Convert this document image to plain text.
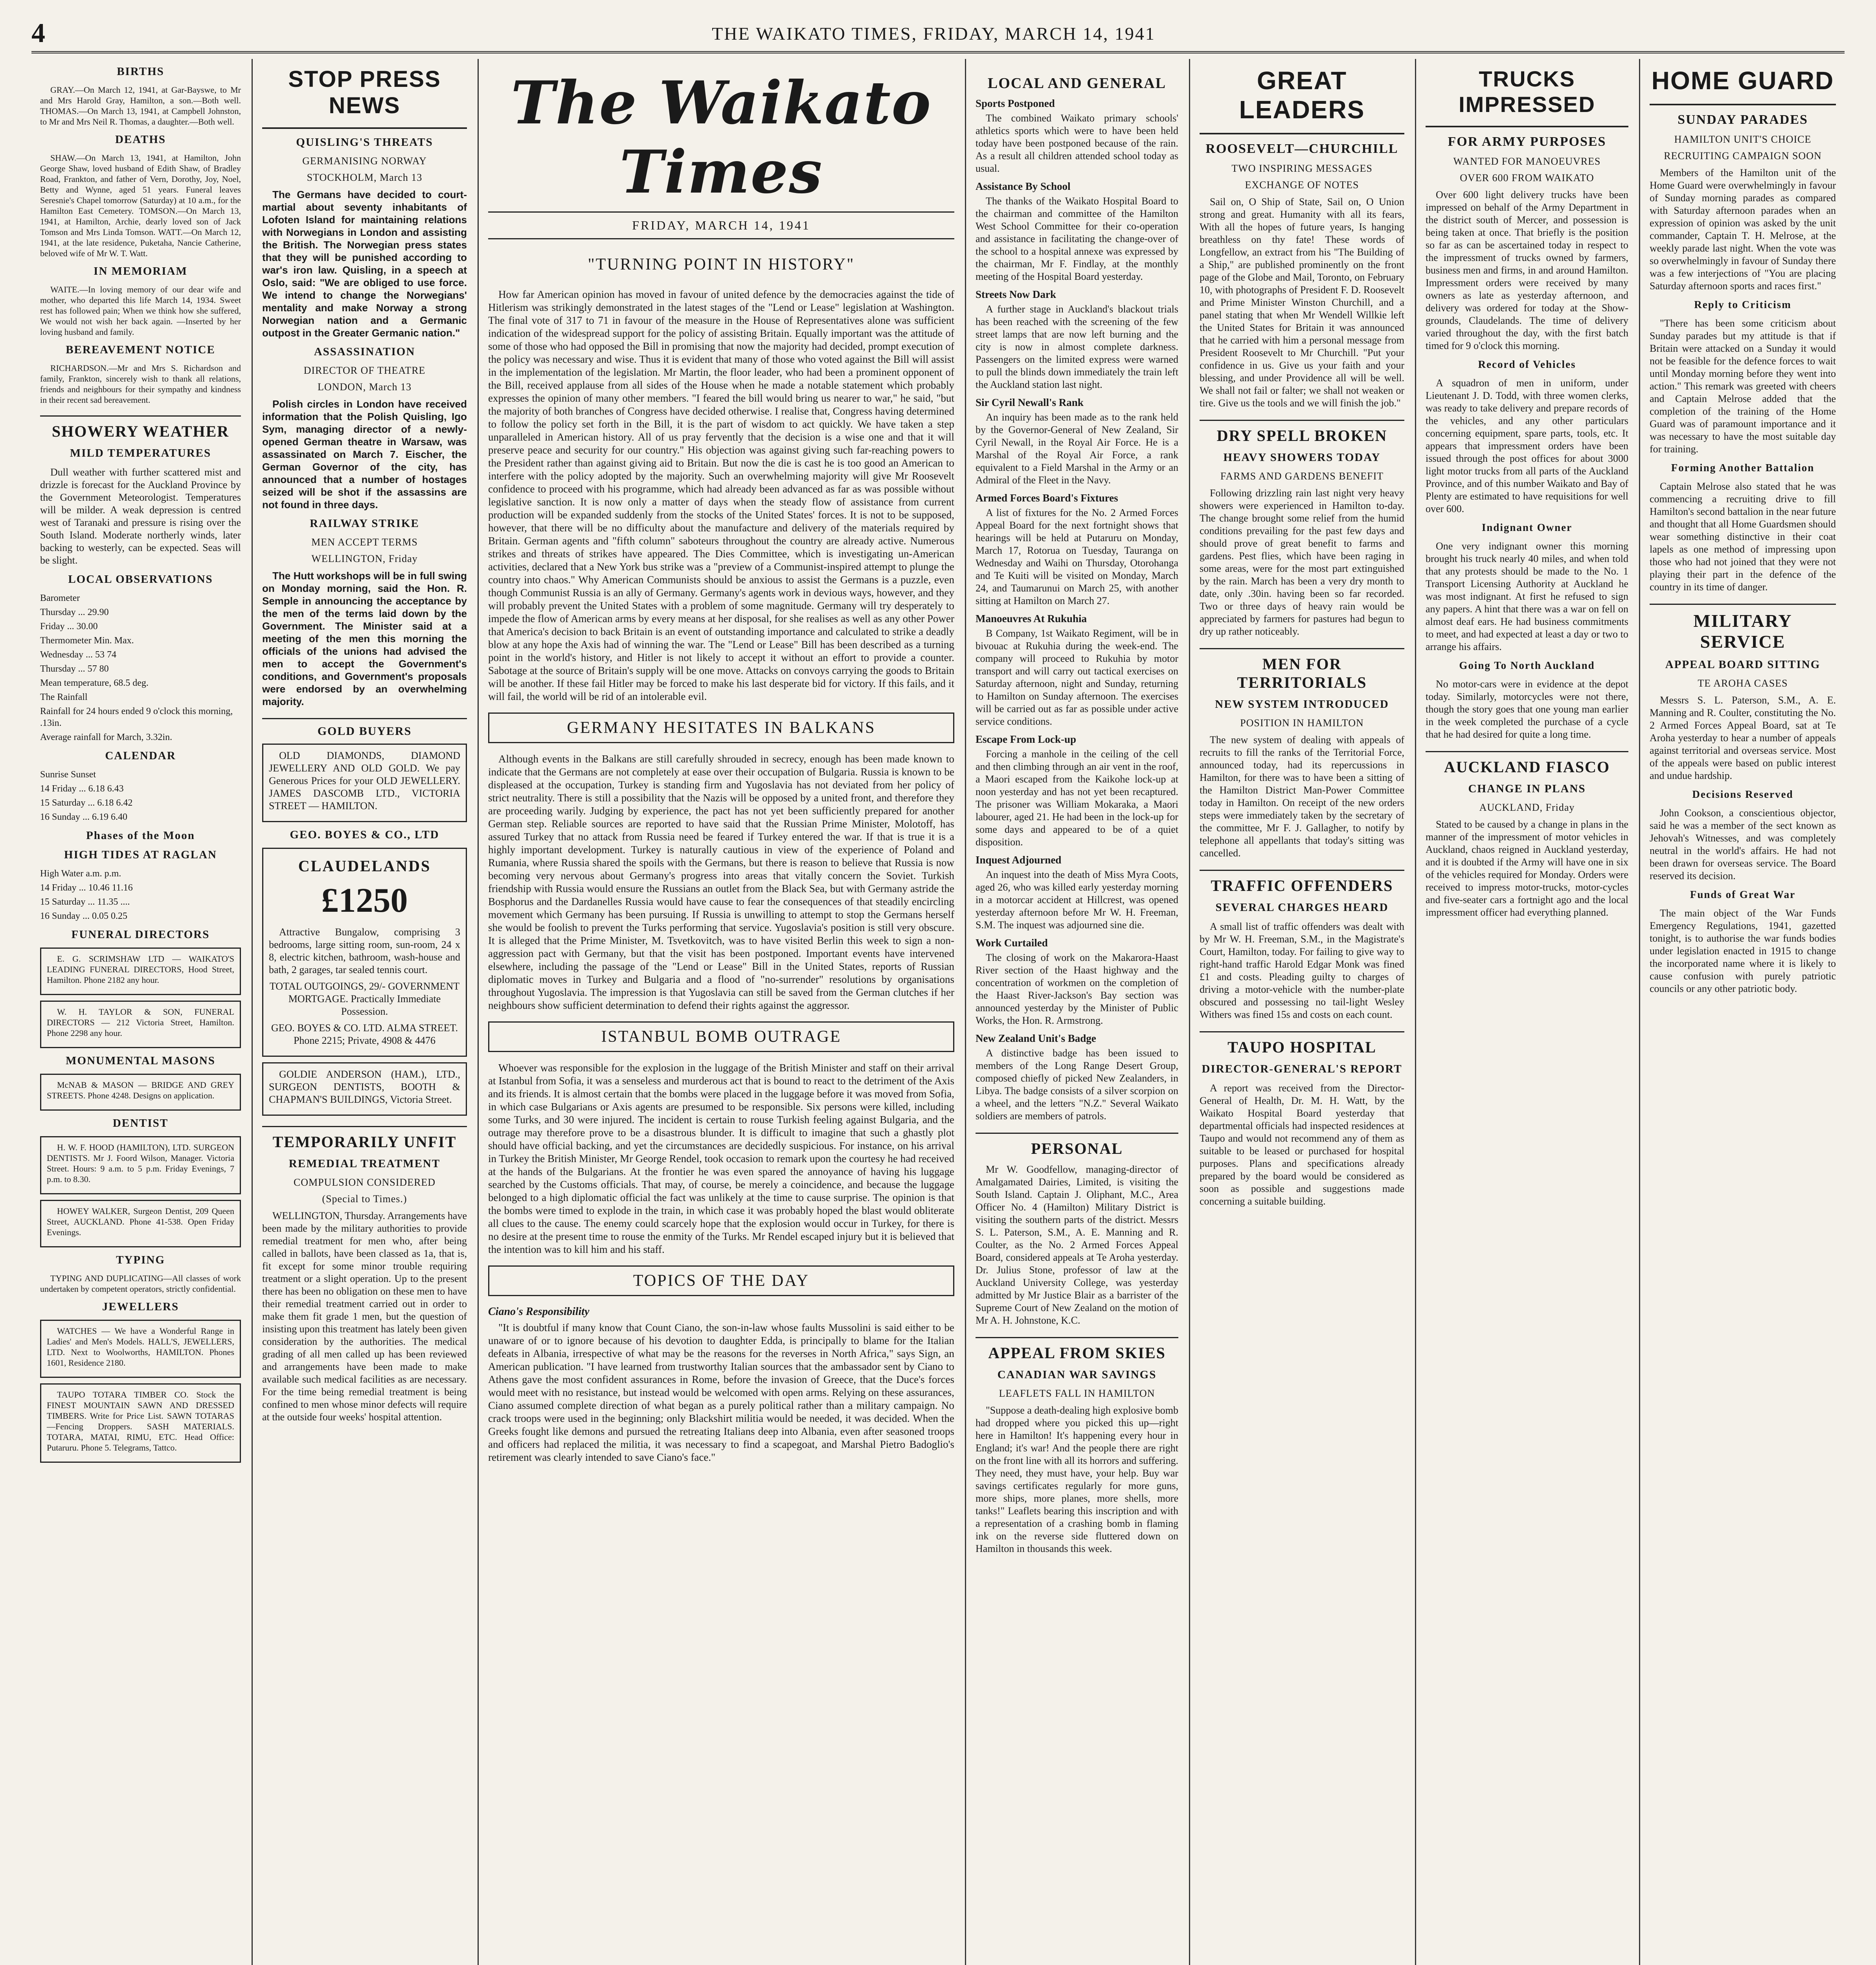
4	THE WAIKATO TIMES, FRIDAY, MARCH 14, 1941
BIRTHS

GRAY.—On March 12, 1941, at Gar-Bayswe, to Mr and Mrs Harold Gray, Hamilton, a son.—Both well. THOMAS.—On March 13, 1941, at Campbell Johnston, to Mr and Mrs Neil R. Thomas, a daughter.—Both well.

DEATHS

SHAW.—On March 13, 1941, at Hamilton, John George Shaw, loved husband of Edith Shaw, of Bradley Road, Frankton, and father of Vern, Dorothy, Joy, Noel, Betty and Wynne, aged 51 years. Funeral leaves Seresnie's Chapel tomorrow (Saturday) at 10 a.m., for the Hamilton East Cemetery. TOMSON.—On March 13, 1941, at Hamilton, Archie, dearly loved son of Jack Tomson and Mrs Linda Tomson. WATT.—On March 12, 1941, at the late residence, Puketaha, Nancie Catherine, beloved wife of Mr W. T. Watt.

IN MEMORIAM

WAITE.—In loving memory of our dear wife and mother, who departed this life March 14, 1934. Sweet rest has followed pain; When we think how she suffered, We would not wish her back again. —Inserted by her loving husband and family.

BEREAVEMENT NOTICE

RICHARDSON.—Mr and Mrs S. Richardson and family, Frankton, sincerely wish to thank all relations, friends and neighbours for their sympathy and kindness in their recent sad bereavement.

SHOWERY WEATHER
MILD TEMPERATURES

Dull weather with further scattered mist and drizzle is forecast for the Auckland Province by the Government Meteorologist. Temperatures will be milder. A weak depression is centred west of Taranaki and pressure is rising over the South Island. Moderate northerly winds, later backing to westerly, can be expected. Seas will be slight.

LOCAL OBSERVATIONS
Barometer
Thursday ... 29.90
Friday ... 30.00
Thermometer Min. Max.
Wednesday ... 53 74
Thursday ... 57 80
Mean temperature, 68.5 deg.
The Rainfall
Rainfall for 24 hours ended 9 o'clock this morning, .13in.
Average rainfall for March, 3.32in.
CALENDAR
Sunrise Sunset
14 Friday ... 6.18 6.43
15 Saturday ... 6.18 6.42
16 Sunday ... 6.19 6.40
Phases of the Moon
HIGH TIDES AT RAGLAN
High Water a.m. p.m.
14 Friday ... 10.46 11.16
15 Saturday ... 11.35 ....
16 Sunday ... 0.05 0.25
FUNERAL DIRECTORS

E. G. SCRIMSHAW LTD — WAIKATO'S LEADING FUNERAL DIRECTORS, Hood Street, Hamilton. Phone 2182 any hour.

W. H. TAYLOR & SON, FUNERAL DIRECTORS — 212 Victoria Street, Hamilton. Phone 2298 any hour.

MONUMENTAL MASONS

McNAB & MASON — BRIDGE AND GREY STREETS. Phone 4248. Designs on application.

DENTIST

H. W. F. HOOD (HAMILTON), LTD. SURGEON DENTISTS. Mr J. Foord Wilson, Manager. Victoria Street. Hours: 9 a.m. to 5 p.m. Friday Evenings, 7 p.m. to 8.30.

HOWEY WALKER, Surgeon Dentist, 209 Queen Street, AUCKLAND. Phone 41-538. Open Friday Evenings.

TYPING

TYPING AND DUPLICATING—All classes of work undertaken by competent operators, strictly confidential.

JEWELLERS

WATCHES — We have a Wonderful Range in Ladies' and Men's Models. HALL'S, JEWELLERS, LTD. Next to Woolworths, HAMILTON. Phones 1601, Residence 2180.

TAUPO TOTARA TIMBER CO. Stock the FINEST MOUNTAIN SAWN AND DRESSED TIMBERS. Write for Price List. SAWN TOTARAS—Fencing Droppers. SASH MATERIALS. TOTARA, MATAI, RIMU, ETC. Head Office: Putaruru. Phone 5. Telegrams, Tattco.

STOP PRESS NEWS
QUISLING'S THREATS
GERMANISING NORWAY
STOCKHOLM, March 13

The Germans have decided to court-martial about seventy inhabitants of Lofoten Island for maintaining relations with Norwegians in London and assisting the British. The Norwegian press states that they will be punished according to war's iron law. Quisling, in a speech at Oslo, said: "We are obliged to use force. We intend to change the Norwegians' mentality and make Norway a strong Norwegian nation and a Germanic outpost in the Greater Germanic nation."

ASSASSINATION
DIRECTOR OF THEATRE
LONDON, March 13

Polish circles in London have received information that the Polish Quisling, Igo Sym, managing director of a newly-opened German theatre in Warsaw, was assassinated on March 7. Eischer, the German Governor of the city, has announced that a number of hostages seized will be shot if the assassins are not found in three days.

RAILWAY STRIKE
MEN ACCEPT TERMS
WELLINGTON, Friday

The Hutt workshops will be in full swing on Monday morning, said the Hon. R. Semple in announcing the acceptance by the men of the terms laid down by the Government. The Minister said at a meeting of the men this morning the officials of the unions had advised the men to accept the Government's conditions, and Government's proposals were endorsed by an overwhelming majority.

GOLD BUYERS

OLD DIAMONDS, DIAMOND JEWELLERY AND OLD GOLD. We pay Generous Prices for your OLD JEWELLERY. JAMES DASCOMB LTD., VICTORIA STREET — HAMILTON.

GEO. BOYES & CO., LTD
CLAUDELANDS
£1250

Attractive Bungalow, comprising 3 bedrooms, large sitting room, sun-room, 24 x 8, electric kitchen, bathroom, wash-house and bath, 2 garages, tar sealed tennis court.

TOTAL OUTGOINGS, 29/- GOVERNMENT MORTGAGE. Practically Immediate Possession.

GEO. BOYES & CO. LTD. ALMA STREET. Phone 2215; Private, 4908 & 4476

GOLDIE ANDERSON (HAM.), LTD., SURGEON DENTISTS, BOOTH & CHAPMAN'S BUILDINGS, Victoria Street.

TEMPORARILY UNFIT
REMEDIAL TREATMENT
COMPULSION CONSIDERED
(Special to Times.)

WELLINGTON, Thursday. Arrangements have been made by the military authorities to provide remedial treatment for men who, after being called in ballots, have been classed as 1a, that is, fit except for some minor trouble requiring treatment or a slight operation. Up to the present there has been no obligation on these men to have their remedial treatment carried out in order to make them fit grade 1 men, but the question of insisting upon this treatment has lately been given consideration by the authorities. The medical grading of all men called up has been reviewed and arrangements have been made to make available such medical facilities as are necessary. For the time being remedial treatment is being confined to men whose minor defects will require at the outside four weeks' hospital attention.

The Waikato Times
FRIDAY, MARCH 14, 1941
"TURNING POINT IN HISTORY"

How far American opinion has moved in favour of united defence by the democracies against the tide of Hitlerism was strikingly demonstrated in the latest stages of the "Lend or Lease" legislation at Washington. The final vote of 317 to 71 in favour of the measure in the House of Representatives alone was sufficient indication of the widespread support for the policy of assisting Britain. Equally important was the attitude of some of those who had opposed the Bill in promising that now the majority had decided, prompt execution of the policy was necessary and wise. Thus it is evident that many of those who voted against the Bill will assist in the implementation of the legislation. Mr Martin, the floor leader, who had been a prominent opponent of the Bill, received applause from all sides of the House when he made a notable statement which probably expresses the opinion of many other members. "I feared the bill would bring us nearer to war," he said, "but the majority of both branches of Congress have decided otherwise. I realise that, Congress having determined to follow the policy set forth in the Bill, it is the part of wisdom to act quickly. We have taken a step unparalleled in American history. All of us pray fervently that the decision is a wise one and that it will preserve peace and security for our country." His objection was against giving such far-reaching powers to the President rather than against giving aid to Britain. But now the die is cast he is too good an American to interfere with the policy adopted by the majority. Such an overwhelming majority will give Mr Roosevelt confidence to proceed with his programme, which had already been advanced as far as was possible without legislative sanction. It is now only a matter of days when the steady flow of assistance from current production will be expanded suddenly from the stocks of the United States' forces. It is not to be supposed, however, that there will be no difficulty about the manufacture and delivery of the materials required by Britain. German agents and "fifth column" saboteurs throughout the country are already active. Numerous strikes and threats of strikes have appeared. The Dies Committee, which is investigating un-American activities, declared that a New York bus strike was a "preview of a Communist-inspired attempt to plunge the country into chaos." Why American Communists should be anxious to assist the Germans is a puzzle, even though Communist Russia is an ally of Germany. Germany's agents work in devious ways, however, and they will probably prevent the United States with a problem of some magnitude. Germany will try desperately to impede the flow of American arms by every means at her disposal, for she realises as well as any other Power that America's decision to back Britain is an event of outstanding importance and calculated to strike a deadly blow at any hope the Axis had of winning the war. The "Lend or Lease" Bill has been described as a turning point in the world's history, and Hitler is not likely to accept it without an effort to provide a counter. Sabotage at the source of Britain's supply will be one move. Attacks on convoys carrying the goods to Britain will be another. If these fail Hitler may be forced to make his last desperate bid for victory. If this fails, and it will fail, the world will be rid of an intolerable evil.

GERMANY HESITATES IN BALKANS

Although events in the Balkans are still carefully shrouded in secrecy, enough has been made known to indicate that the Germans are not completely at ease over their occupation of Bulgaria. Russia is known to be displeased at the occupation, Turkey is standing firm and Yugoslavia has not deviated from her policy of strict neutrality. There is still a possibility that the Nazis will be opposed by a united front, and therefore they are proceeding warily. Judging by experience, the pact has not yet been sufficiently prepared for another German step. Reliable sources are reported to have said that the Russian Prime Minister, Molotoff, has assured Turkey that no attack from Russia need be feared if Turkey entered the war. If that is true it is a highly important development. Turkey is naturally cautious in view of the experience of Poland and Rumania, where Russia shared the spoils with the Germans, but there is reason to believe that Russia is now becoming very nervous about Germany's progress into areas that vitally concern the Soviet. Turkish friendship with Russia would ensure the Russians an outlet from the Black Sea, but with Germany astride the Bosphorus and the Dardanelles Russia would have cause to fear the consequences of that steadily encircling movement which Germany has been pursuing. If Russia is unwilling to attempt to stop the Germans herself she would be foolish to prevent the Turks performing that service. Yugoslavia's position is still very obscure. It is alleged that the Prime Minister, M. Tsvetkovitch, was to have visited Berlin this week to sign a non-aggression pact with Germany, but that the visit has been postponed. Important events have intervened elsewhere, including the passage of the "Lend or Lease" Bill in the United States, reports of Russian diplomatic moves in Turkey and Bulgaria and a flood of "no-surrender" resolutions by organisations throughout Yugoslavia. The impression is that Yugoslavia can still be saved from the German clutches if her neighbours show sufficient determination to defend their rights against the aggressor.

ISTANBUL BOMB OUTRAGE

Whoever was responsible for the explosion in the luggage of the British Minister and staff on their arrival at Istanbul from Sofia, it was a senseless and murderous act that is bound to react to the detriment of the Axis and its friends. It is almost certain that the bombs were placed in the luggage before it was moved from Sofia, in which case Bulgarians or Axis agents are presumed to be responsible. Six persons were killed, including some Turks, and 30 were injured. The incident is certain to rouse Turkish feeling against Bulgaria, and the outrage may therefore prove to be a disastrous blunder. It is difficult to imagine that such a ghastly plot should have official backing, and yet the circumstances are decidedly suspicious. For instance, on his arrival in Turkey the British Minister, Mr George Rendel, took occasion to remark upon the courtesy he had received at the hands of the Bulgarians. At the frontier he was even spared the annoyance of having his luggage searched by the Customs officials. That may, of course, be merely a coincidence, and because the luggage belonged to a high diplomatic official the fact was unlikely at the time to cause surprise. The opinion is that the bombs were timed to explode in the train, in which case it was probably hoped the blast would obliterate all clues to the cause. The enemy could scarcely hope that the explosion would occur in Turkey, for there is no desire at the present time to rouse the enmity of the Turks. Mr Rendel escaped injury but it is believed that the intention was to kill him and his staff.

TOPICS OF THE DAY
Ciano's Responsibility

"It is doubtful if many know that Count Ciano, the son-in-law whose faults Mussolini is said either to be unaware of or to ignore because of his devotion to daughter Edda, is principally to blame for the Italian defeats in Albania, irrespective of what may be the reasons for the reverses in North Africa," says Sign, an American publication. "I have learned from trustworthy Italian sources that the ambassador sent by Ciano to Athens gave the most confident assurances in Rome, before the invasion of Greece, that the Duce's forces would meet with no resistance, but instead would be welcomed with open arms. Relying on these assurances, Ciano assumed complete direction of what began as a purely political rather than a military campaign. No crack troops were used in the beginning; only Blackshirt militia would be needed, it was decided. When the Greeks fought like demons and pursued the retreating Italians deep into Albania, even after seasoned troops and officers had replaced the militia, it was necessary to find a scapegoat, and Marshal Pietro Badoglio's retirement was clearly intended to save Ciano's face."

LOCAL AND GENERAL
Sports Postponed

The combined Waikato primary schools' athletics sports which were to have been held today have been postponed because of the rain. As a result all children attended school today as usual.

Assistance By School

The thanks of the Waikato Hospital Board to the chairman and committee of the Hamilton West School Committee for their co-operation and assistance in facilitating the change-over of the school to a hospital annexe was expressed by the chairman, Mr F. Findlay, at the monthly meeting of the Hospital Board yesterday.

Streets Now Dark

A further stage in Auckland's blackout trials has been reached with the screening of the few street lamps that are now left burning and the city is now in almost complete darkness. Passengers on the limited express were warned to pull the blinds down immediately the train left the Auckland station last night.

Sir Cyril Newall's Rank

An inquiry has been made as to the rank held by the Governor-General of New Zealand, Sir Cyril Newall, in the Royal Air Force. He is a Marshal of the Royal Air Force, a rank equivalent to a Field Marshal in the Army or an Admiral of the Fleet in the Navy.

Armed Forces Board's Fixtures

A list of fixtures for the No. 2 Armed Forces Appeal Board for the next fortnight shows that hearings will be held at Putaruru on Monday, March 17, Rotorua on Tuesday, Tauranga on Wednesday and Waihi on Thursday, Otorohanga and Te Kuiti will be visited on Monday, March 24, and Taumarunui on March 25, with another sitting at Hamilton on March 27.

Manoeuvres At Rukuhia

B Company, 1st Waikato Regiment, will be in bivouac at Rukuhia during the week-end. The company will proceed to Rukuhia by motor transport and will carry out tactical exercises on Saturday afternoon, night and Sunday, returning to Hamilton on Sunday afternoon. The exercises will be carried out as far as possible under active service conditions.

Escape From Lock-up

Forcing a manhole in the ceiling of the cell and then climbing through an air vent in the roof, a Maori escaped from the Kaikohe lock-up at noon yesterday and has not yet been recaptured. The prisoner was William Mokaraka, a Maori labourer, aged 21. He had been in the lock-up for some days and appeared to be of a quiet disposition.

Inquest Adjourned

An inquest into the death of Miss Myra Coots, aged 26, who was killed early yesterday morning in a motorcar accident at Hillcrest, was opened yesterday afternoon before Mr W. H. Freeman, S.M. The inquest was adjourned sine die.

Work Curtailed

The closing of work on the Makarora-Haast River section of the Haast highway and the concentration of workmen on the completion of the Haast River-Jackson's Bay section was announced yesterday by the Minister of Public Works, the Hon. R. Armstrong.

New Zealand Unit's Badge

A distinctive badge has been issued to members of the Long Range Desert Group, composed chiefly of picked New Zealanders, in Libya. The badge consists of a silver scorpion on a wheel, and the letters "N.Z." Several Waikato soldiers are members of patrols.

PERSONAL

Mr W. Goodfellow, managing-director of Amalgamated Dairies, Limited, is visiting the South Island. Captain J. Oliphant, M.C., Area Officer No. 4 (Hamilton) Military District is visiting the southern parts of the district. Messrs S. L. Paterson, S.M., A. E. Manning and R. Coulter, as the No. 2 Armed Forces Appeal Board, considered appeals at Te Aroha yesterday. Dr. Julius Stone, professor of law at the Auckland University College, was yesterday admitted by Mr Justice Blair as a barrister of the Supreme Court of New Zealand on the motion of Mr A. H. Johnstone, K.C.

APPEAL FROM SKIES
CANADIAN WAR SAVINGS
LEAFLETS FALL IN HAMILTON

"Suppose a death-dealing high explosive bomb had dropped where you picked this up—right here in Hamilton! It's happening every hour in England; it's war! And the people there are right on the front line with all its horrors and suffering. They need, they must have, your help. Buy war savings certificates regularly for more guns, more ships, more planes, more shells, more tanks!" Leaflets bearing this inscription and with a representation of a crashing bomb in flaming ink on the reverse side fluttered down on Hamilton in thousands this week.

GREAT LEADERS
ROOSEVELT—CHURCHILL
TWO INSPIRING MESSAGES
EXCHANGE OF NOTES

Sail on, O Ship of State, Sail on, O Union strong and great. Humanity with all its fears, With all the hopes of future years, Is hanging breathless on thy fate! These words of Longfellow, an extract from his "The Building of a Ship," are published prominently on the front page of the Globe and Mail, Toronto, on February 10, with photographs of President F. D. Roosevelt and Prime Minister Winston Churchill, and a panel stating that when Mr Wendell Willkie left the United States for Britain it was announced that he carried with him a personal message from President Roosevelt to Mr Churchill. "Put your confidence in us. Give us your faith and your blessing, and under Providence all will be well. We shall not fail or falter; we shall not weaken or tire. Give us the tools and we will finish the job."

DRY SPELL BROKEN
HEAVY SHOWERS TODAY
FARMS AND GARDENS BENEFIT

Following drizzling rain last night very heavy showers were experienced in Hamilton to-day. The change brought some relief from the humid conditions prevailing for the past few days and should prove of great benefit to farms and gardens. Pest flies, which have been raging in some areas, were for the most part extinguished by the rain. March has been a very dry month to date, only .30in. having been so far recorded. Two or three days of heavy rain would be appreciated by farmers for pastures had begun to dry up rather noticeably.

MEN FOR TERRITORIALS
NEW SYSTEM INTRODUCED
POSITION IN HAMILTON

The new system of dealing with appeals of recruits to fill the ranks of the Territorial Force, announced today, had its repercussions in Hamilton, for there was to have been a sitting of the Hamilton District Man-Power Committee today in Hamilton. On receipt of the new orders steps were immediately taken by the secretary of the committee, Mr F. J. Gallagher, to notify by telephone all appellants that today's sitting was cancelled.

TRAFFIC OFFENDERS
SEVERAL CHARGES HEARD

A small list of traffic offenders was dealt with by Mr W. H. Freeman, S.M., in the Magistrate's Court, Hamilton, today. For failing to give way to right-hand traffic Harold Edgar Monk was fined £1 and costs. Pleading guilty to charges of driving a motor-vehicle with the number-plate obscured and possessing no tail-light Wesley Withers was fined 15s and costs on each count.

TAUPO HOSPITAL
DIRECTOR-GENERAL'S REPORT

A report was received from the Director-General of Health, Dr. M. H. Watt, by the Waikato Hospital Board yesterday that departmental officials had inspected residences at Taupo and would not recommend any of them as suitable to be leased or purchased for hospital purposes. Plans and specifications already prepared by the board would be considered as soon as possible and suggestions made concerning a suitable building.

TRUCKS IMPRESSED
FOR ARMY PURPOSES
WANTED FOR MANOEUVRES
OVER 600 FROM WAIKATO

Over 600 light delivery trucks have been impressed on behalf of the Army Department in the district south of Mercer, and possession is being taken at once. That briefly is the position so far as can be ascertained today in respect to the impressment of trucks owned by farmers, business men and firms, in and around Hamilton. Impressment orders were received by many owners as late as yesterday afternoon, and delivery was ordered for today at the Show-grounds, Claudelands. The time of delivery varied throughout the day, with the first batch timed for 9 o'clock this morning.

Record of Vehicles

A squadron of men in uniform, under Lieutenant J. D. Todd, with three women clerks, was ready to take delivery and prepare records of the vehicles, and any other particulars concerning equipment, spare parts, tools, etc. It appears that impressment orders have been issued through the post offices for about 3000 light motor trucks from all parts of the Auckland Province, and of this number Waikato and Bay of Plenty are estimated to have requisitions for well over 600.

Indignant Owner

One very indignant owner this morning brought his truck nearly 40 miles, and when told that any protests should be made to the No. 1 Transport Licensing Authority at Auckland he was most indignant. At first he refused to sign any papers. A hint that there was a war on fell on almost deaf ears. He had business commitments to meet, and had expected at least a day or two to arrange his affairs.

Going To North Auckland

No motor-cars were in evidence at the depot today. Similarly, motorcycles were not there, though the story goes that one young man earlier in the week completed the purchase of a cycle that he had desired for quite a long time.

AUCKLAND FIASCO
CHANGE IN PLANS
AUCKLAND, Friday

Stated to be caused by a change in plans in the manner of the impressment of motor vehicles in Auckland, chaos reigned in Auckland yesterday, and it is doubted if the Army will have one in six of the vehicles required for Monday. Orders were received to impress motor-trucks, motor-cycles and five-seater cars a fortnight ago and the local impressment officer had everything planned.

HOME GUARD
SUNDAY PARADES
HAMILTON UNIT'S CHOICE
RECRUITING CAMPAIGN SOON

Members of the Hamilton unit of the Home Guard were overwhelmingly in favour of Sunday morning parades as compared with Saturday afternoon parades when an expression of opinion was asked by the unit commander, Captain T. H. Melrose, at the weekly parade last night. When the vote was so overwhelmingly in favour of Sunday there was a few interjections of "You are placing Saturday afternoon sports and races first."

Reply to Criticism

"There has been some criticism about Sunday parades but my attitude is that if Britain were attacked on a Sunday it would not be feasible for the defence forces to wait until Monday morning before they went into action." This remark was greeted with cheers and Captain Melrose added that the completion of the training of the Home Guard was of paramount importance and it was necessary to have the most suitable day for training.

Forming Another Battalion

Captain Melrose also stated that he was commencing a recruiting drive to fill Hamilton's second battalion in the near future and thought that all Home Guardsmen should wear something distinctive in their coat lapels as one method of impressing upon those who had not joined that they were not playing their part in the defence of the country in its time of danger.

MILITARY SERVICE
APPEAL BOARD SITTING
TE AROHA CASES

Messrs S. L. Paterson, S.M., A. E. Manning and R. Coulter, constituting the No. 2 Armed Forces Appeal Board, sat at Te Aroha yesterday to hear a number of appeals against territorial and overseas service. Most of the appeals were based on public interest and undue hardship.

Decisions Reserved

John Cookson, a conscientious objector, said he was a member of the sect known as Jehovah's Witnesses, and was completely neutral in the world's affairs. He had not been drawn for overseas service. The Board reserved its decision.

Funds of Great War

The main object of the War Funds Emergency Regulations, 1941, gazetted tonight, is to authorise the war funds bodies under legislation enacted in 1915 to change the incorporated name where it is likely to cause confusion with purely patriotic councils or any other patriotic body.
